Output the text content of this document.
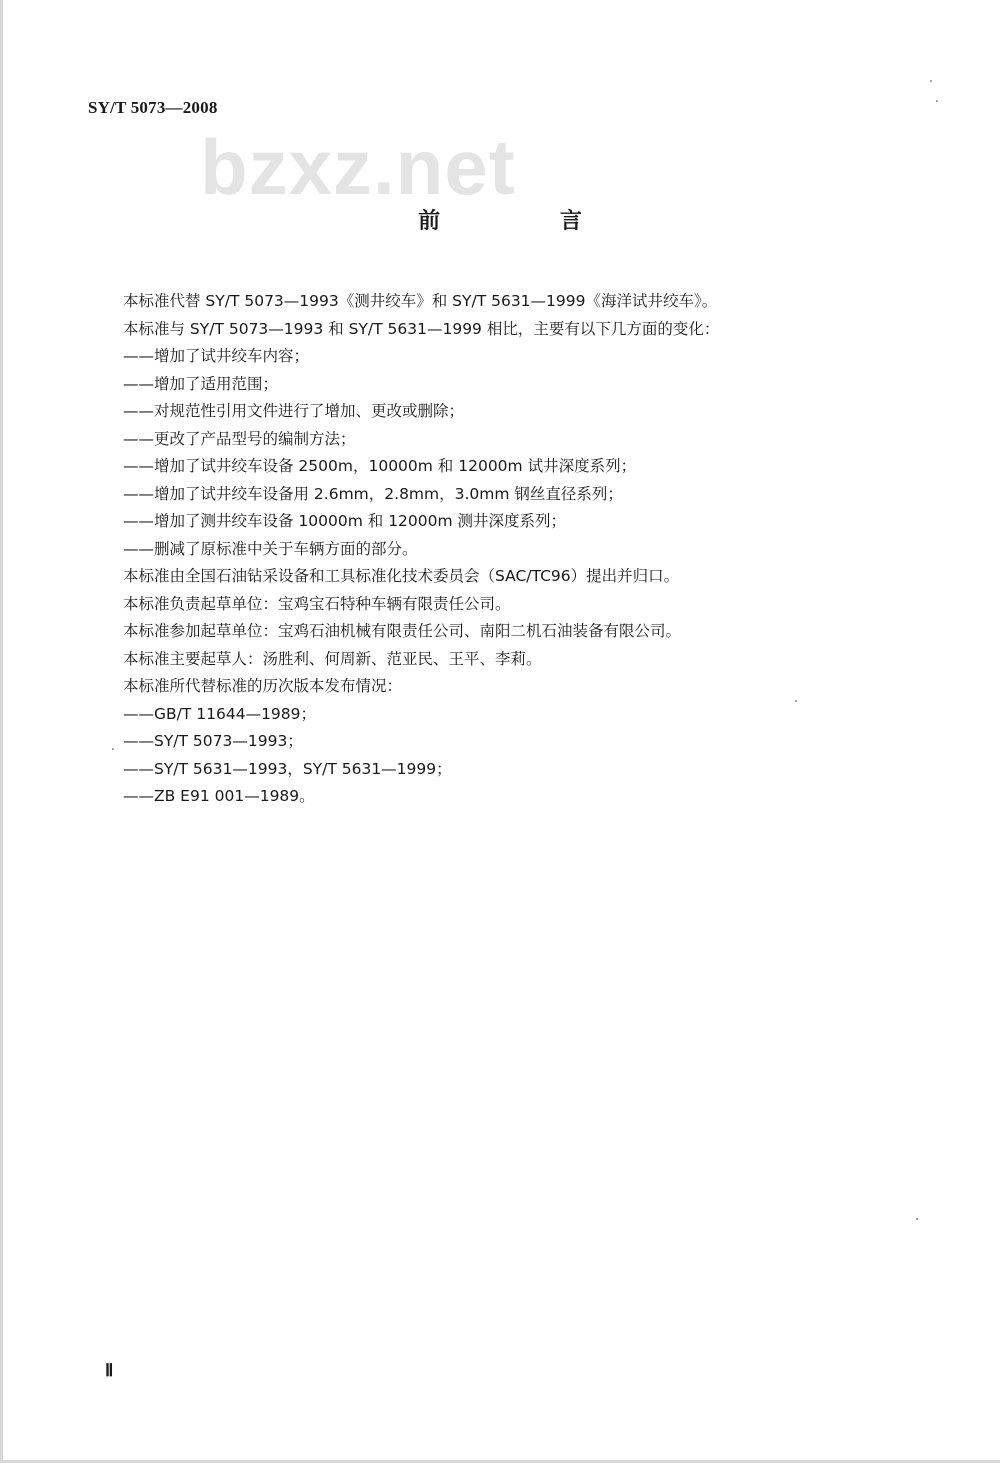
SY/T 5073—2008
bzxz.net
前 言
本标准代替 SY/T 5073—1993《测井绞车》和 SY/T 5631—1999《海洋试井绞车》。
本标准与 SY/T 5073—1993 和 SY/T 5631—1999 相比，主要有以下几方面的变化：
——增加了试井绞车内容；
——增加了适用范围；
——对规范性引用文件进行了增加、更改或删除；
——更改了产品型号的编制方法；
——增加了试井绞车设备 2500m，10000m 和 12000m 试井深度系列；
——增加了试井绞车设备用 2.6mm，2.8mm，3.0mm 钢丝直径系列；
——增加了测井绞车设备 10000m 和 12000m 测井深度系列；
——删减了原标准中关于车辆方面的部分。
本标准由全国石油钻采设备和工具标准化技术委员会（SAC/TC96）提出并归口。
本标准负责起草单位：宝鸡宝石特种车辆有限责任公司。
本标准参加起草单位：宝鸡石油机械有限责任公司、南阳二机石油装备有限公司。
本标准主要起草人：汤胜利、何周新、范亚民、王平、李莉。
本标准所代替标准的历次版本发布情况：
——GB/T 11644—1989；
——SY/T 5073—1993；
——SY/T 5631—1993，SY/T 5631—1999；
——ZB E91 001—1989。
Ⅱ
